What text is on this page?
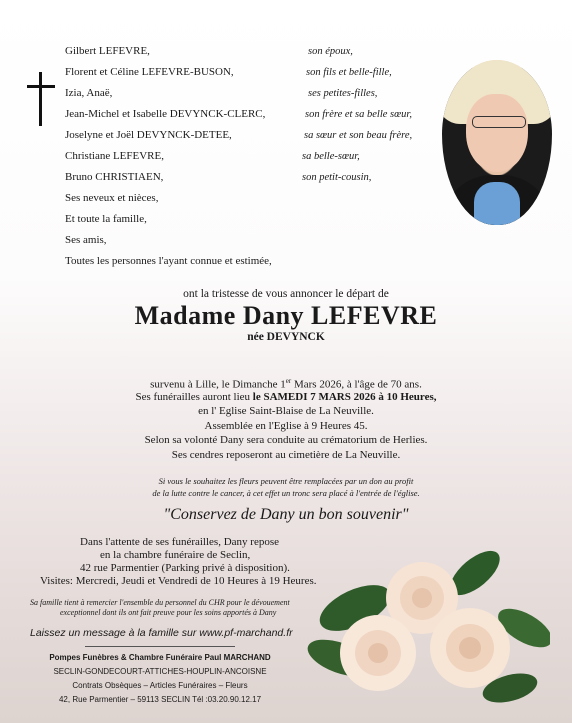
Gilbert LEFEVRE,	son époux,
Florent et Céline LEFEVRE-BUSON,	son fils et belle-fille,
Izia, Anaë,	ses petites-filles,
Jean-Michel et Isabelle DEVYNCK-CLERC,	son frère et sa belle sœur,
Joselyne et Joël DEVYNCK-DETEE,	sa sœur et son beau frère,
Christiane LEFEVRE,	sa belle-sœur,
Bruno CHRISTIAEN,	son petit-cousin,
Ses neveux et nièces,
Et toute la famille,
Ses amis,
Toutes les personnes l'ayant connue et estimée,
ont la tristesse de vous annoncer le départ de
Madame Dany LEFEVRE
née DEVYNCK
survenu à Lille, le Dimanche 1er Mars 2026, à l'âge de 70 ans.
Ses funérailles auront lieu le SAMEDI 7 MARS 2026 à 10 Heures,
en l' Eglise Saint-Blaise de La Neuville.
Assemblée en l'Eglise à 9 Heures 45.
Selon sa volonté Dany sera conduite au crématorium de Herlies.
Ses cendres reposeront au cimetière de La Neuville.
Si vous le souhaitez les fleurs peuvent être remplacées par un don au profit
de la lutte contre le cancer, à cet effet un tronc sera placé à l'entrée de l'église.
"Conservez de Dany un bon souvenir"
Dans l'attente de ses funérailles, Dany repose
en la chambre funéraire de Seclin,
42 rue Parmentier (Parking privé à disposition).
Visites: Mercredi, Jeudi et Vendredi de 10 Heures à 19 Heures.
Sa famille tient à remercier l'ensemble du personnel du CHR pour le dévouement
exceptionnel dont ils ont fait preuve pour les soins apportés à Dany
Laissez un message à la famille sur www.pf-marchand.fr
Pompes Funèbres & Chambre Funéraire Paul MARCHAND
SECLIN-GONDECOURT-ATTICHES-HOUPLIN-ANCOISNE
Contrats Obsèques – Articles Funéraires – Fleurs
42, Rue Parmentier – 59113 SECLIN Tél :03.20.90.12.17
